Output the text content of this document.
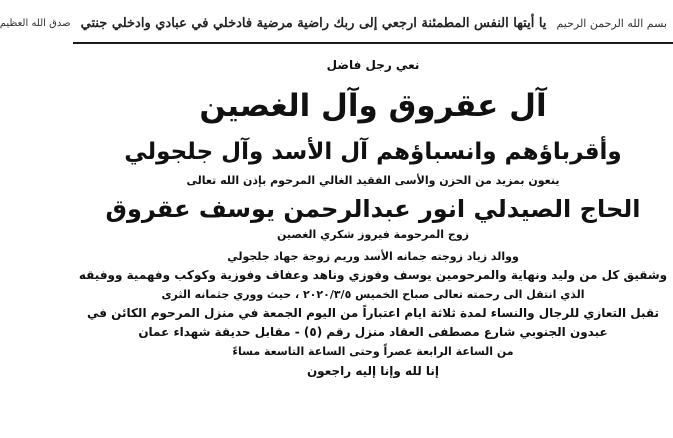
بسم الله الرحمن الرحيم
يا أيتها النفس المطمئنة ارجعي إلى ربك راضية مرضية فادخلي في عبادي وادخلي جنتي
صدق الله العظيم
نعي رجل فاضل
آل عقروق وآل الغصين
وأقرباؤهم وانسباؤهم آل الأسد وآل جلجولي
ينعون بمزيد من الحزن والأسى الفقيد الغالي المرحوم بإذن الله تعالى
الحاج الصيدلي انور عبدالرحمن يوسف عقروق
زوج المرحومة فيروز شكري الغصين
ووالد زياد زوجته جمانه الأسد وريم زوجة جهاد جلجولي
وشقيق كل من وليد ونهاية والمرحومين يوسف وفوزي وناهد وعفاف وفوزية وكوكب وفهمية ووفيقه
الذي انتقل الى رحمته تعالى صباح الخميس ٢٠٢٠/٣/٥ ، حيث ووري جثمانه الثرى
تقبل التعازي للرجال والنساء لمدة ثلاثة ايام اعتباراً من اليوم الجمعة في منزل المرحوم الكائن في
عبدون الجنوبي شارع مصطفى العقاد منزل رقم (٥) - مقابل حديقة شهداء عمان
من الساعة الرابعة عصراً وحتى الساعة التاسعة مساءً
إنا لله وإنا إليه راجعون
